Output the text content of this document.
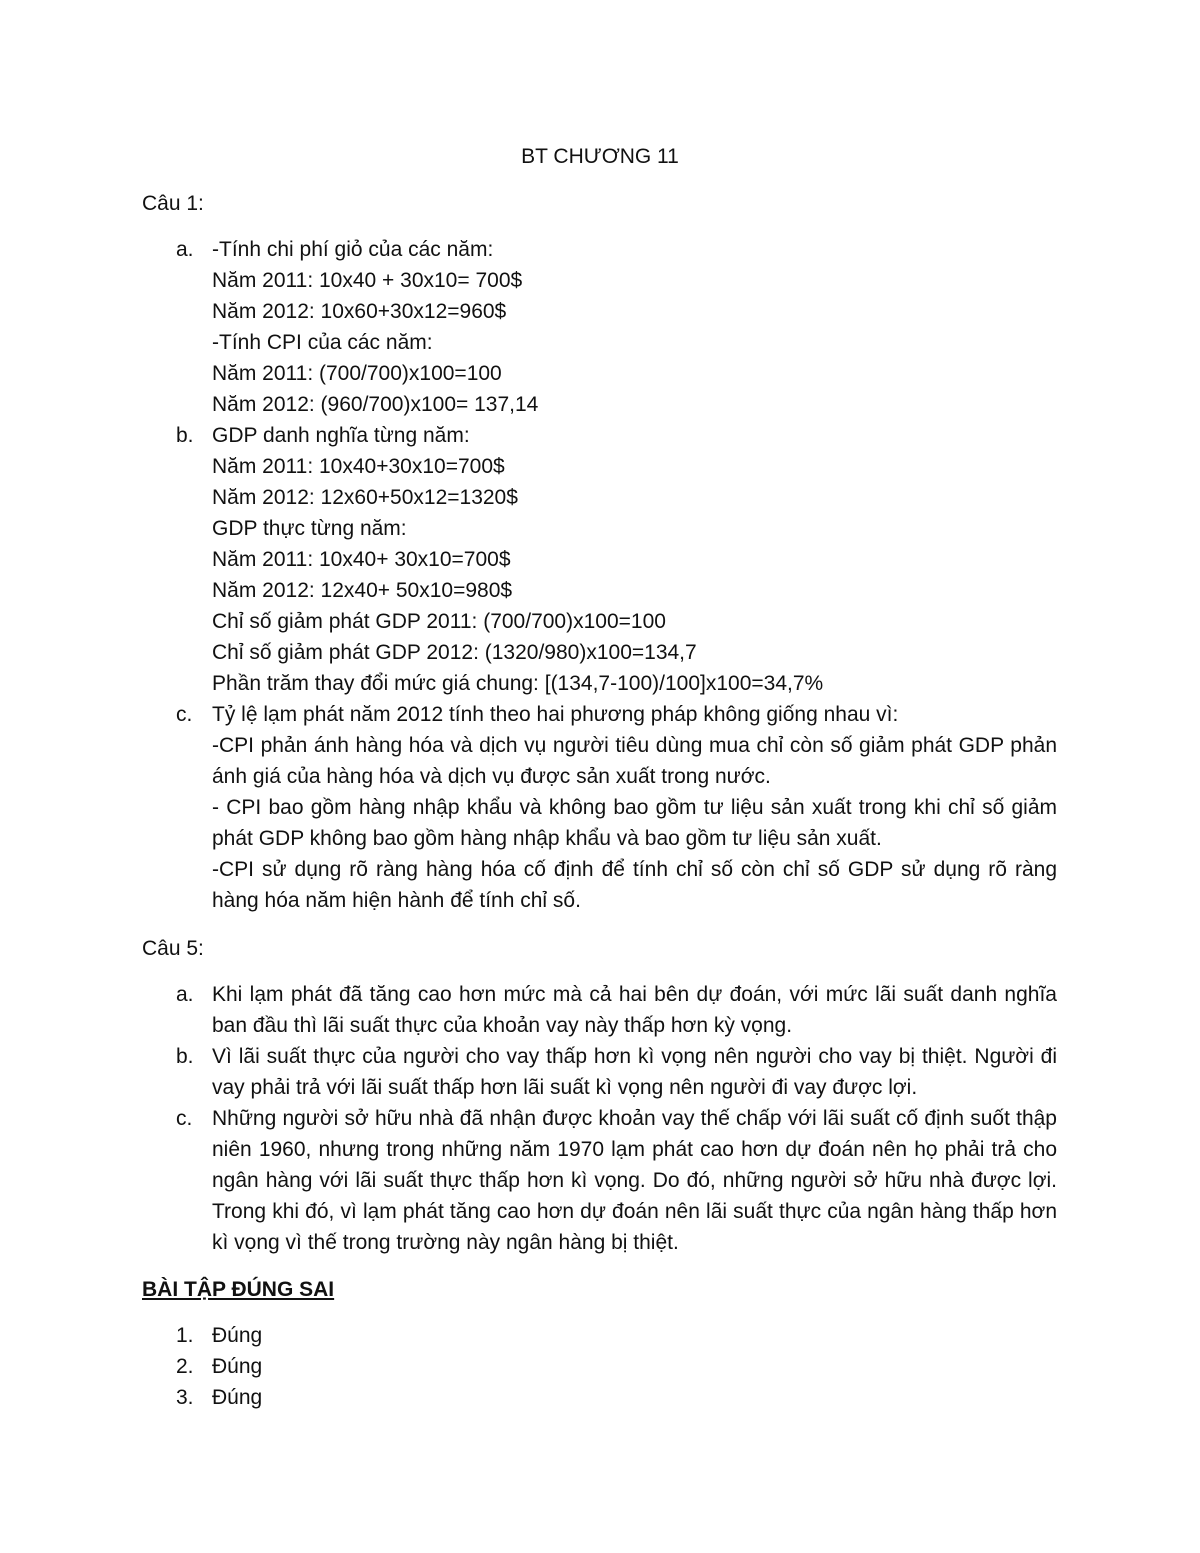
BT CHƯƠNG 11
Câu 1:
a. -Tính chi phí giỏ của các năm:
Năm 2011: 10x40 + 30x10= 700$
Năm 2012: 10x60+30x12=960$
-Tính CPI của các năm:
Năm 2011: (700/700)x100=100
Năm 2012: (960/700)x100= 137,14
b. GDP danh nghĩa từng năm:
Năm 2011: 10x40+30x10=700$
Năm 2012: 12x60+50x12=1320$
GDP thực từng năm:
Năm 2011: 10x40+ 30x10=700$
Năm 2012: 12x40+ 50x10=980$
Chỉ số giảm phát GDP 2011: (700/700)x100=100
Chỉ số giảm phát GDP 2012: (1320/980)x100=134,7
Phần trăm thay đổi mức giá chung: [(134,7-100)/100]x100=34,7%
c. Tỷ lệ lạm phát năm 2012 tính theo hai phương pháp không giống nhau vì:
-CPI phản ánh hàng hóa và dịch vụ người tiêu dùng mua chỉ còn số giảm phát GDP phản ánh giá của hàng hóa và dịch vụ được sản xuất trong nước.
- CPI bao gồm hàng nhập khẩu và không bao gồm tư liệu sản xuất trong khi chỉ số giảm phát GDP không bao gồm hàng nhập khẩu và bao gồm tư liệu sản xuất.
-CPI sử dụng rõ ràng hàng hóa cố định để tính chỉ số còn chỉ số GDP sử dụng rõ ràng hàng hóa năm hiện hành để tính chỉ số.
Câu 5:
a. Khi lạm phát đã tăng cao hơn mức mà cả hai bên dự đoán, với mức lãi suất danh nghĩa ban đầu thì lãi suất thực của khoản vay này thấp hơn kỳ vọng.
b. Vì lãi suất thực của người cho vay thấp hơn kì vọng nên người cho vay bị thiệt. Người đi vay phải trả với lãi suất thấp hơn lãi suất kì vọng nên người đi vay được lợi.
c. Những người sở hữu nhà đã nhận được khoản vay thế chấp với lãi suất cố định suốt thập niên 1960, nhưng trong những năm 1970 lạm phát cao hơn dự đoán nên họ phải trả cho ngân hàng với lãi suất thực thấp hơn kì vọng. Do đó, những người sở hữu nhà được lợi. Trong khi đó, vì lạm phát tăng cao hơn dự đoán nên lãi suất thực của ngân hàng thấp hơn kì vọng vì thế trong trường này ngân hàng bị thiệt.
BÀI TẬP ĐÚNG SAI
1. Đúng
2. Đúng
3. Đúng
